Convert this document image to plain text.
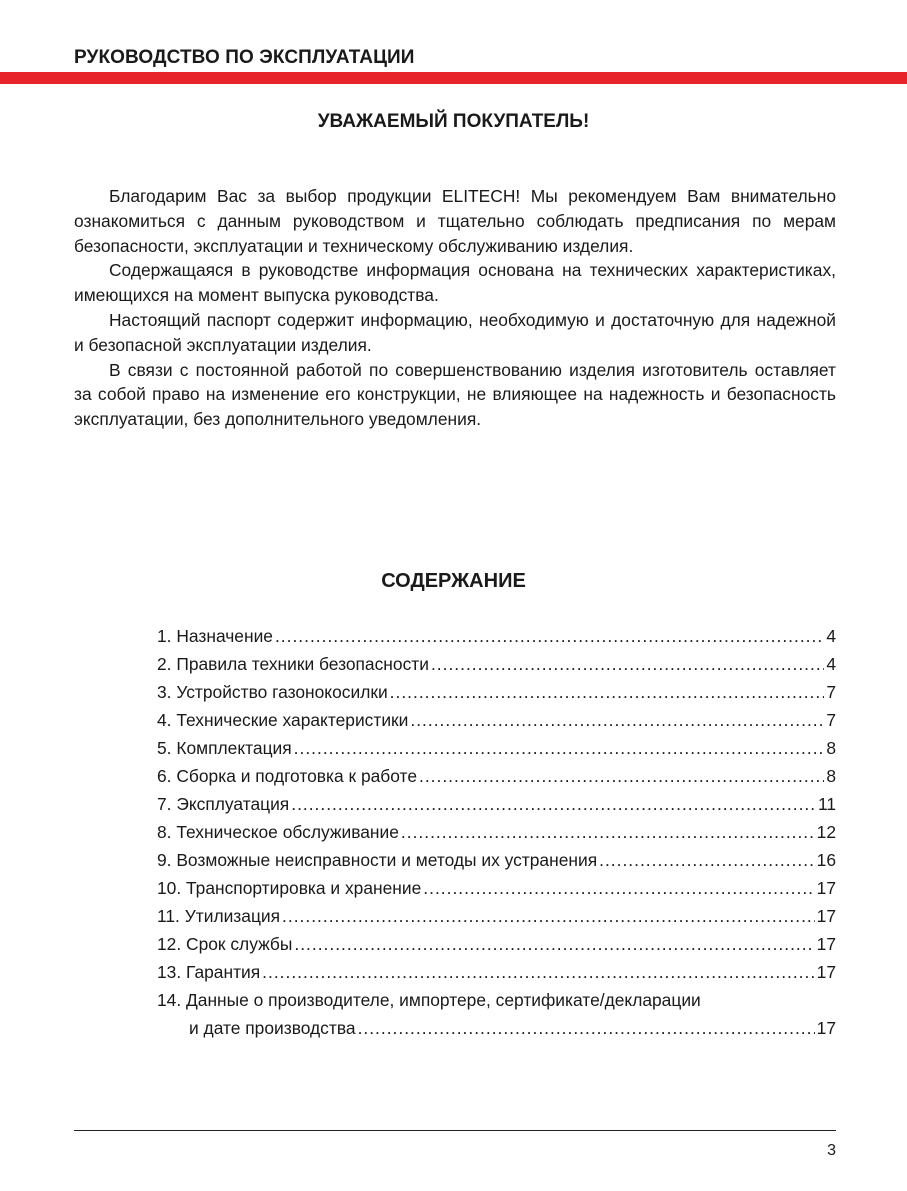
РУКОВОДСТВО ПО ЭКСПЛУАТАЦИИ
УВАЖАЕМЫЙ ПОКУПАТЕЛЬ!

Благодарим Вас за выбор продукции ELITECH! Мы рекомендуем Вам внимательно ознакомиться с данным руководством и тщательно соблюдать предписания по мерам безопасности, эксплуатации и техническому обслуживанию изделия.

Содержащаяся в руководстве информация основана на технических характеристиках, имеющихся на момент выпуска руководства.

Настоящий паспорт содержит информацию, необходимую и достаточную для надежной и безопасной эксплуатации изделия.

В связи с постоянной работой по совершенствованию изделия изготовитель оставляет за собой право на изменение его конструкции, не влияющее на надежность и безопасность эксплуатации, без дополнительного уведомления.

СОДЕРЖАНИЕ
1. Назначение .....	4
2. Правила техники безопасности .....	4
3. Устройство газонокосилки .....	7
4. Технические характеристики .....	7
5. Комплектация .....	8
6. Сборка и подготовка к работе .....	8
7. Эксплуатация .....	11
8. Техническое обслуживание .....	12
9. Возможные неисправности и методы их устранения .....	16
10. Транспортировка и хранение .....	17
11. Утилизация .....	17
12. Срок службы .....	17
13. Гарантия .....	17
14. Данные о производителе, импортере, сертификате/декларации
и дате производства .....	17
3
